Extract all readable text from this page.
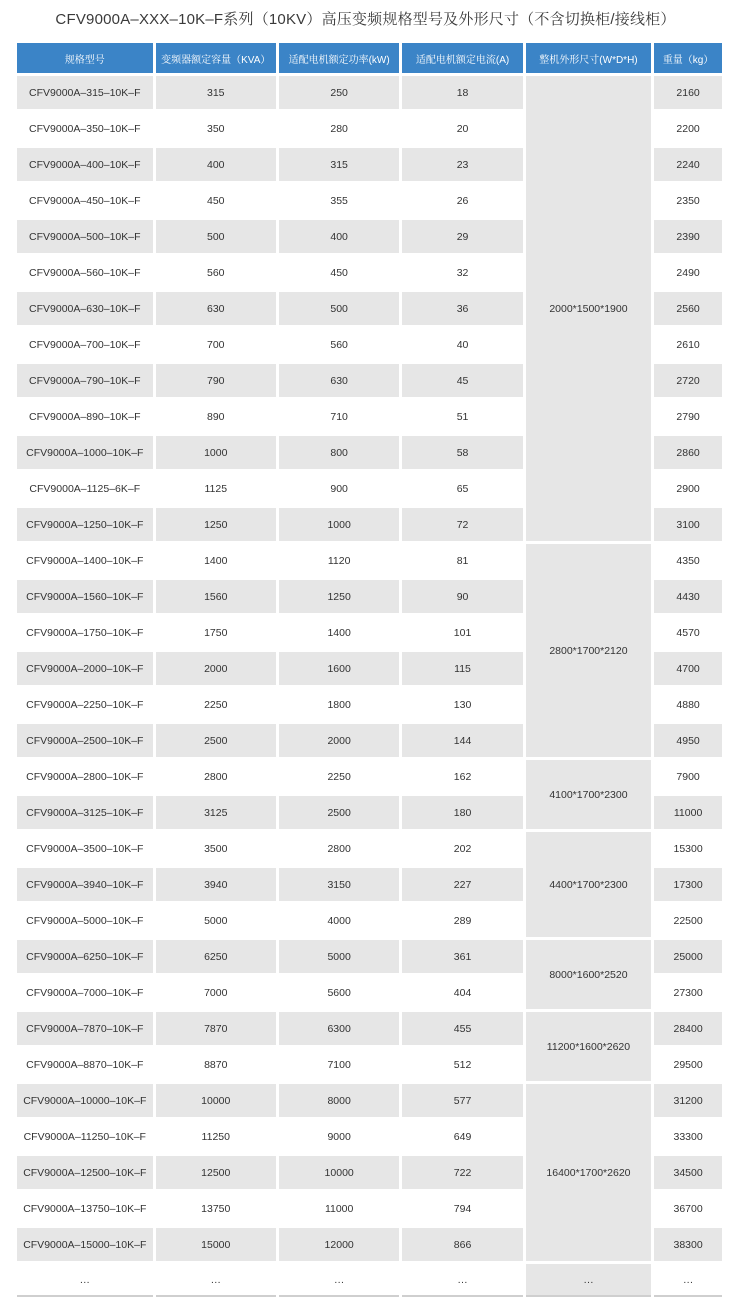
CFV9000A–XXX–10K–F系列（10KV）高压变频规格型号及外形尺寸（不含切换柜/接线柜）
规格型号	变频器额定容量（KVA）	适配电机额定功率(kW)	适配电机额定电流(A)	整机外形尺寸(W*D*H)	重量（kg）
CFV9000A–315–10K–F	315	250	18	2000*1500*1900	2160
CFV9000A–350–10K–F	350	280	20		2200
CFV9000A–400–10K–F	400	315	23		2240
CFV9000A–450–10K–F	450	355	26		2350
CFV9000A–500–10K–F	500	400	29		2390
CFV9000A–560–10K–F	560	450	32		2490
CFV9000A–630–10K–F	630	500	36		2560
CFV9000A–700–10K–F	700	560	40		2610
CFV9000A–790–10K–F	790	630	45		2720
CFV9000A–890–10K–F	890	710	51		2790
CFV9000A–1000–10K–F	1000	800	58		2860
CFV9000A–1125–6K–F	1125	900	65		2900
CFV9000A–1250–10K–F	1250	1000	72		3100
CFV9000A–1400–10K–F	1400	1120	81	2800*1700*2120	4350
CFV9000A–1560–10K–F	1560	1250	90		4430
CFV9000A–1750–10K–F	1750	1400	101		4570
CFV9000A–2000–10K–F	2000	1600	115		4700
CFV9000A–2250–10K–F	2250	1800	130		4880
CFV9000A–2500–10K–F	2500	2000	144		4950
CFV9000A–2800–10K–F	2800	2250	162	4100*1700*2300	7900
CFV9000A–3125–10K–F	3125	2500	180		11000
CFV9000A–3500–10K–F	3500	2800	202	4400*1700*2300	15300
CFV9000A–3940–10K–F	3940	3150	227		17300
CFV9000A–5000–10K–F	5000	4000	289		22500
CFV9000A–6250–10K–F	6250	5000	361	8000*1600*2520	25000
CFV9000A–7000–10K–F	7000	5600	404		27300
CFV9000A–7870–10K–F	7870	6300	455	11200*1600*2620	28400
CFV9000A–8870–10K–F	8870	7100	512		29500
CFV9000A–10000–10K–F	10000	8000	577	16400*1700*2620	31200
CFV9000A–11250–10K–F	11250	9000	649		33300
CFV9000A–12500–10K–F	12500	10000	722		34500
CFV9000A–13750–10K–F	13750	11000	794		36700
CFV9000A–15000–10K–F	15000	12000	866		38300
…	…	…	…	…	…
